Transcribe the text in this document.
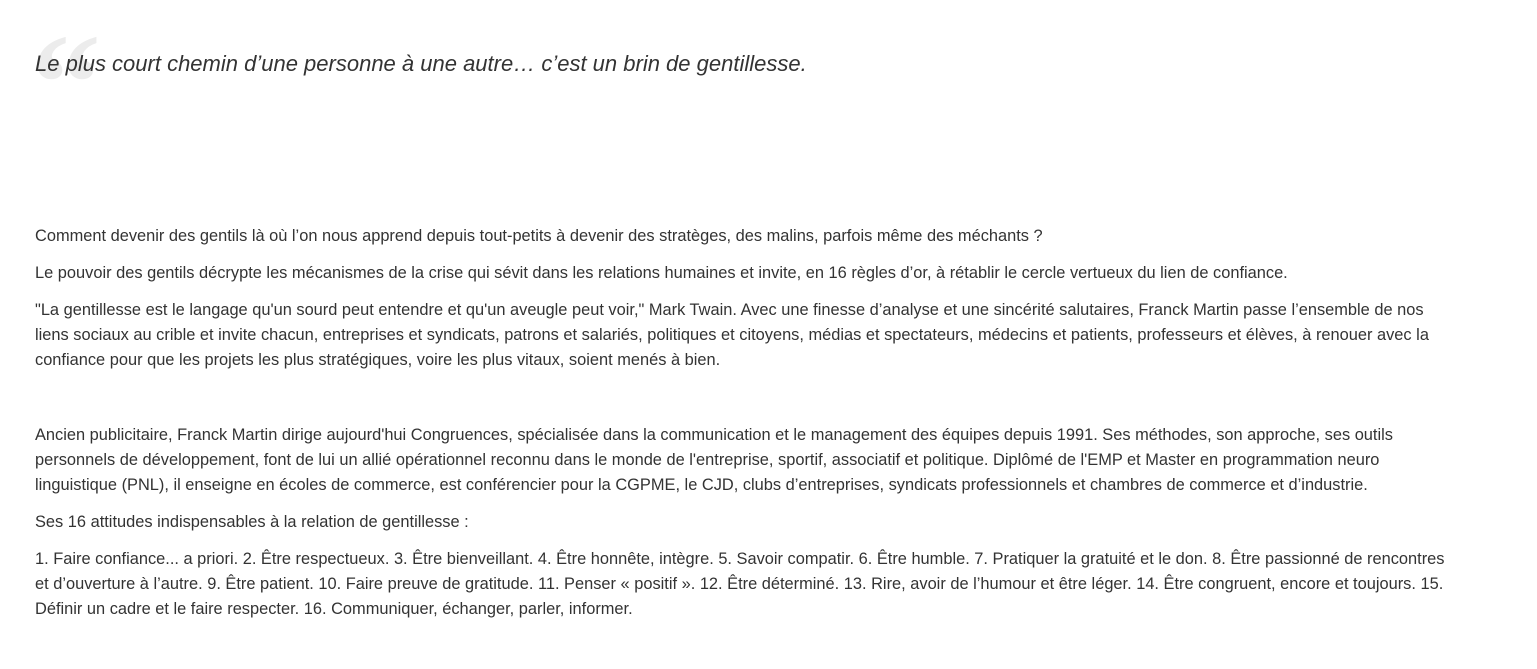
“

Le plus court chemin d’une personne à une autre… c’est un brin de gentillesse.

Comment devenir des gentils là où l’on nous apprend depuis tout-petits à devenir des stratèges, des malins, parfois même des méchants ?

Le pouvoir des gentils décrypte les mécanismes de la crise qui sévit dans les relations humaines et invite, en 16 règles d’or, à rétablir le cercle vertueux du lien de confiance.

"La gentillesse est le langage qu'un sourd peut entendre et qu'un aveugle peut voir," Mark Twain. Avec une finesse d’analyse et une sincérité salutaires, Franck Martin passe l’ensemble de nos liens sociaux au crible et invite chacun, entreprises et syndicats, patrons et salariés, politiques et citoyens, médias et spectateurs, médecins et patients, professeurs et élèves, à renouer avec la confiance pour que les projets les plus stratégiques, voire les plus vitaux, soient menés à bien.

Ancien publicitaire, Franck Martin dirige aujourd'hui Congruences, spécialisée dans la communication et le management des équipes depuis 1991. Ses méthodes, son approche, ses outils personnels de développement, font de lui un allié opérationnel reconnu dans le monde de l'entreprise, sportif, associatif et politique. Diplômé de l'EMP et Master en programmation neuro linguistique (PNL), il enseigne en écoles de commerce, est conférencier pour la CGPME, le CJD, clubs d’entreprises, syndicats professionnels et chambres de commerce et d’industrie.

Ses 16 attitudes indispensables à la relation de gentillesse :

1. Faire confiance... a priori. 2. Être respectueux. 3. Être bienveillant. 4. Être honnête, intègre. 5. Savoir compatir. 6. Être humble. 7. Pratiquer la gratuité et le don. 8. Être passionné de rencontres et d’ouverture à l’autre. 9. Être patient. 10. Faire preuve de gratitude. 11. Penser « positif ». 12. Être déterminé. 13. Rire, avoir de l’humour et être léger. 14. Être congruent, encore et toujours. 15. Définir un cadre et le faire respecter. 16. Communiquer, échanger, parler, informer.
